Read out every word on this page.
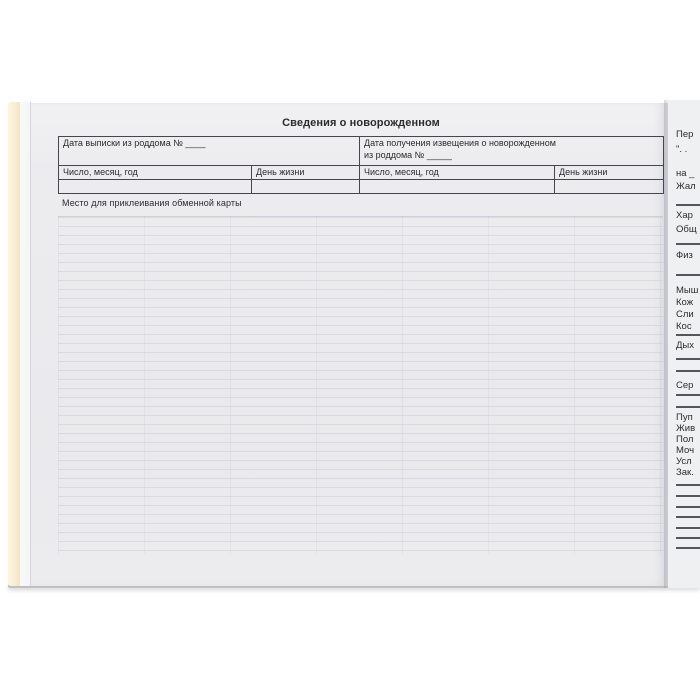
Сведения о новорожденном
Дата выписки из роддома № ____		Дата получения извещения о новорожденном
из роддома № _____	
Число, месяц, год	День жизни	Число, месяц, год	День жизни

Место для приклеивания обменной карты
Пер
". .
на _
Жал
Хар
Общ
Физ
Мыш
Кож
Сли
Кос
Дых
Сер
Пуп
Жив
Пол
Моч
Усл
Зак.
